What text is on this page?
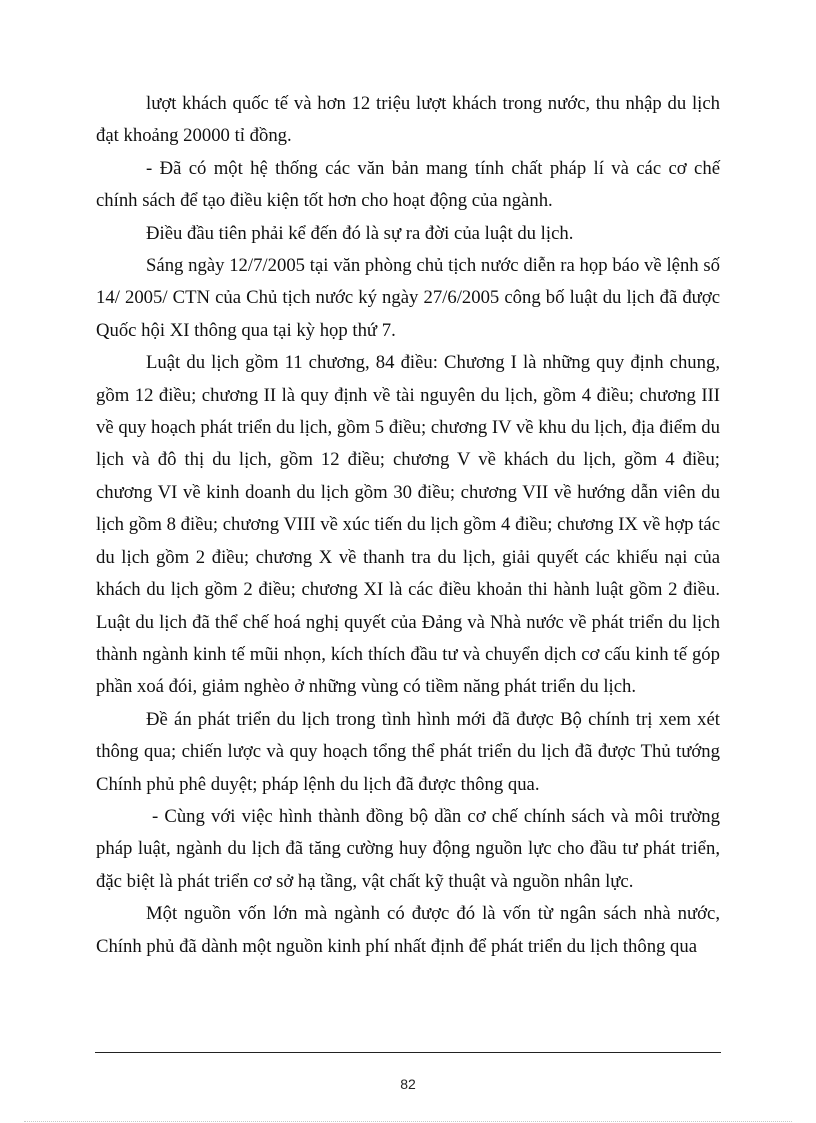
lượt khách quốc tế và hơn 12 triệu lượt khách trong nước, thu nhập du lịch đạt khoảng 20000 tỉ đồng.

- Đã có một hệ thống các văn bản mang tính chất pháp lí và các cơ chế chính sách để tạo điều kiện tốt hơn cho hoạt động của ngành.

Điều đầu tiên phải kể đến đó là sự ra đời của luật du lịch.

Sáng ngày 12/7/2005 tại văn phòng chủ tịch nước diễn ra họp báo về lệnh số 14/ 2005/ CTN của Chủ tịch nước ký ngày 27/6/2005 công bố luật du lịch đã được Quốc hội XI thông qua tại kỳ họp thứ 7.

Luật du lịch gồm 11 chương, 84 điều: Chương I là những quy định chung, gồm 12 điều; chương II là quy định về tài nguyên du lịch, gồm 4 điều; chương III về quy hoạch phát triển du lịch, gồm 5 điều; chương IV về khu du lịch, địa điểm du lịch và đô thị du lịch, gồm 12 điều; chương V về khách du lịch, gồm 4 điều; chương VI về kinh doanh du lịch gồm 30 điều; chương VII về hướng dẫn viên du lịch gồm 8 điều; chương VIII về xúc tiến du lịch gồm 4 điều; chương IX về hợp tác du lịch gồm 2 điều; chương X về thanh tra du lịch, giải quyết các khiếu nại của khách du lịch gồm 2 điều; chương XI là các điều khoản thi hành luật gồm 2 điều. Luật du lịch đã thể chế hoá nghị quyết của Đảng và Nhà nước về phát triển du lịch thành ngành kinh tế mũi nhọn, kích thích đầu tư và chuyển dịch cơ cấu kinh tế góp phần xoá đói, giảm nghèo ở những vùng có tiềm năng phát triển du lịch.

Đề án phát triển du lịch trong tình hình mới đã được Bộ chính trị xem xét thông qua; chiến lược và quy hoạch tổng thể phát triển du lịch đã được Thủ tướng Chính phủ phê duyệt; pháp lệnh du lịch đã được thông qua.

- Cùng với việc hình thành đồng bộ dần cơ chế chính sách và môi trường pháp luật, ngành du lịch đã tăng cường huy động nguồn lực cho đầu tư phát triển, đặc biệt là phát triển cơ sở hạ tầng, vật chất kỹ thuật và nguồn nhân lực.

Một nguồn vốn lớn mà ngành có được đó là vốn từ ngân sách nhà nước, Chính phủ đã dành một nguồn kinh phí nhất định để phát triển du lịch thông qua

82
